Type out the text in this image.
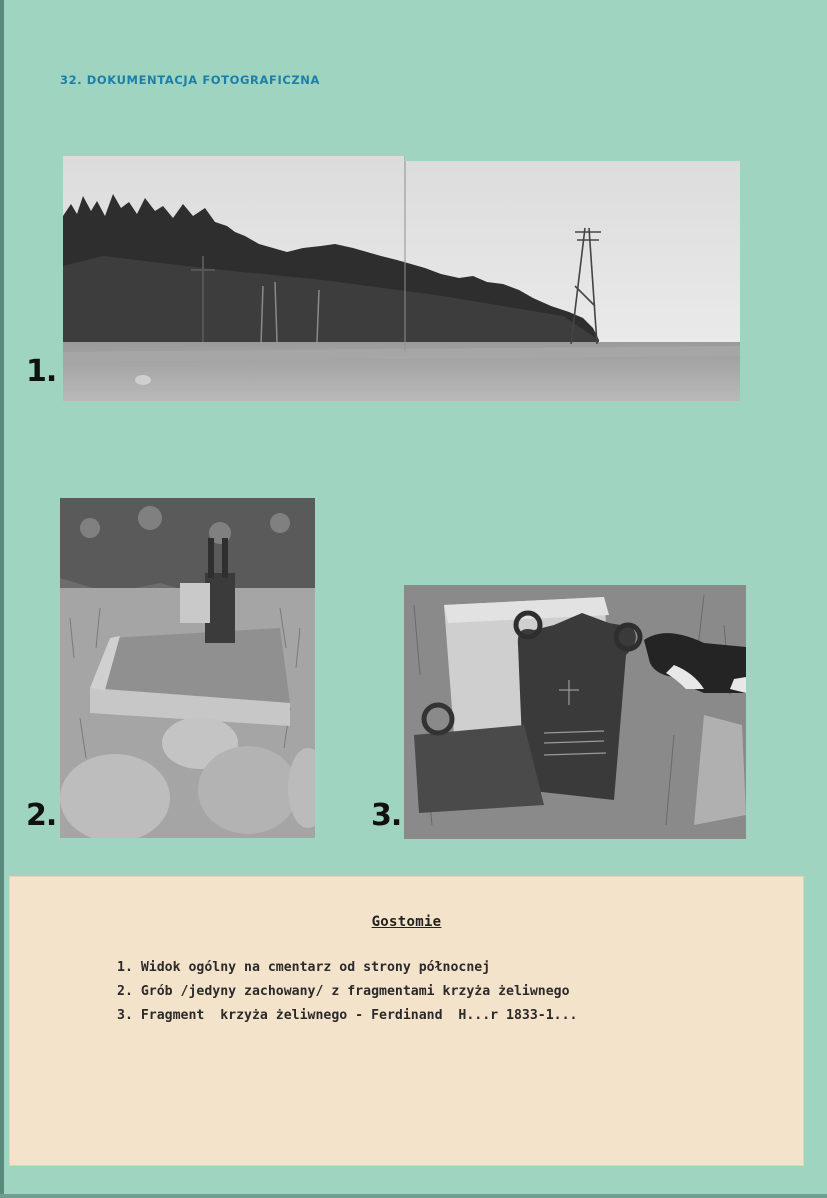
32. DOKUMENTACJA FOTOGRAFICZNA
1.
2.	3.
Gostomie
1. Widok ogólny na cmentarz od strony północnej
2. Grób /jedyny zachowany/ z fragmentami krzyża żeliwnego
3. Fragment  krzyża żeliwnego - Ferdinand  H...r 1833-1...
